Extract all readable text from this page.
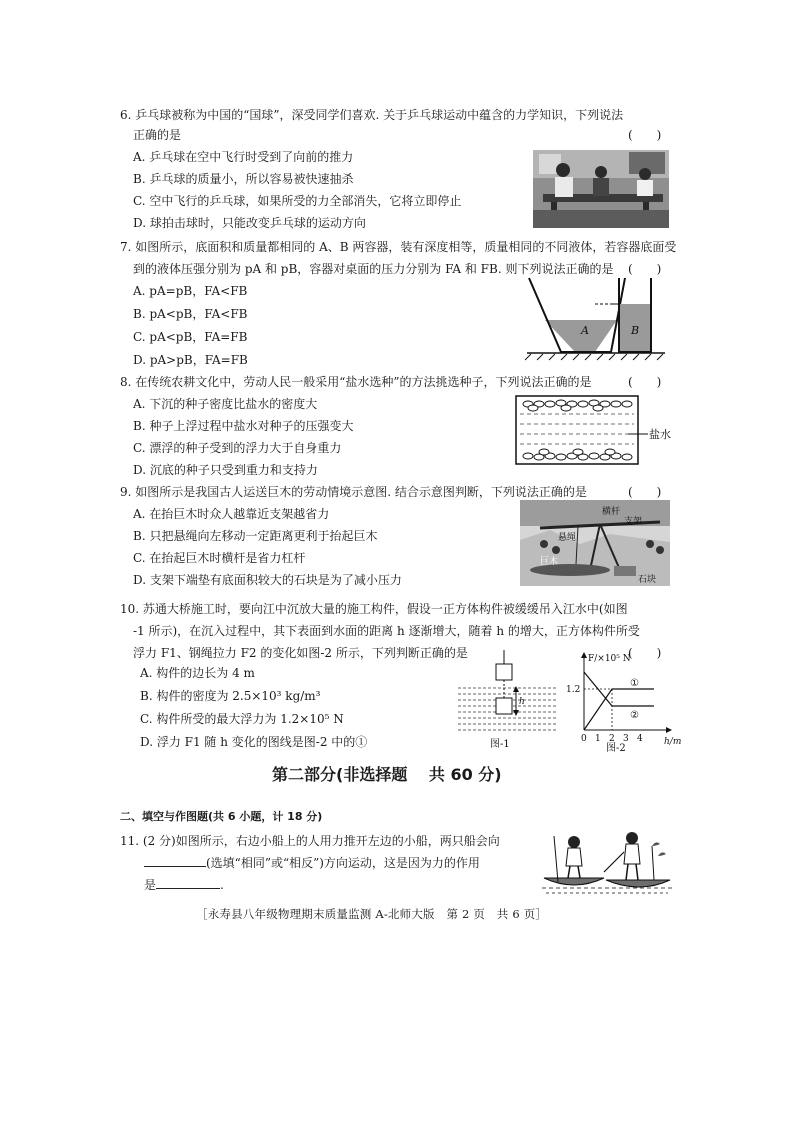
6. 乒乓球被称为中国的“国球”，深受同学们喜欢. 关于乒乓球运动中蕴含的力学知识，下列说法
正确的是	(　　)
A. 乒乓球在空中飞行时受到了向前的推力
B. 乒乓球的质量小，所以容易被快速抽杀
C. 空中飞行的乒乓球，如果所受的力全部消失，它将立即停止
D. 球拍击球时，只能改变乒乓球的运动方向
7. 如图所示，底面积和质量都相同的 A、B 两容器，装有深度相等，质量相同的不同液体，若容器底面受
到的液体压强分别为 pA 和 pB，容器对桌面的压力分别为 FA 和 FB. 则下列说法正确的是 (　　)
A. pA=pB，FA<FB
B. pA<pB，FA<FB
C. pA<pB，FA=FB
D. pA>pB，FA=FB
A	B
8. 在传统农耕文化中，劳动人民一般采用“盐水选种”的方法挑选种子，下列说法正确的是	(　　)
A. 下沉的种子密度比盐水的密度大
B. 种子上浮过程中盐水对种子的压强变大
C. 漂浮的种子受到的浮力大于自身重力
D. 沉底的种子只受到重力和支持力
盐水
9. 如图所示是我国古人运送巨木的劳动情境示意图. 结合示意图判断，下列说法正确的是	(　　)
A. 在抬巨木时众人越靠近支架越省力
B. 只把悬绳向左移动一定距离更利于抬起巨木
C. 在抬起巨木时横杆是省力杠杆
D. 支架下端垫有底面积较大的石块是为了减小压力
横杆
支架
悬绳
巨木
石块
10. 苏通大桥施工时，要向江中沉放大量的施工构件，假设一正方体构件被缓缓吊入江水中(如图
-1 所示)，在沉入过程中，其下表面到水面的距离 h 逐渐增大，随着 h 的增大，正方体构件所受
浮力 F1、钢绳拉力 F2 的变化如图-2 所示，下列判断正确的是	(　　)
A. 构件的边长为 4 m
B. 构件的密度为 2.5×10³ kg/m³
C. 构件所受的最大浮力为 1.2×10⁵ N
D. 浮力 F1 随 h 变化的图线是图-2 中的①
h
图-1
F/×10⁵ N
h/m
1.2
①
②
0 1 2 3 4
图-2
第二部分(非选择题　 共 60 分)
二、填空与作图题(共 6 小题，计 18 分)
11. (2 分)如图所示，右边小船上的人用力推开左边的小船，两只船会向
(选填“相同”或“相反”)方向运动，这是因为力的作用
是	.
［永寿县八年级物理期末质量监测 A-北师大版　第 2 页　共 6 页］
